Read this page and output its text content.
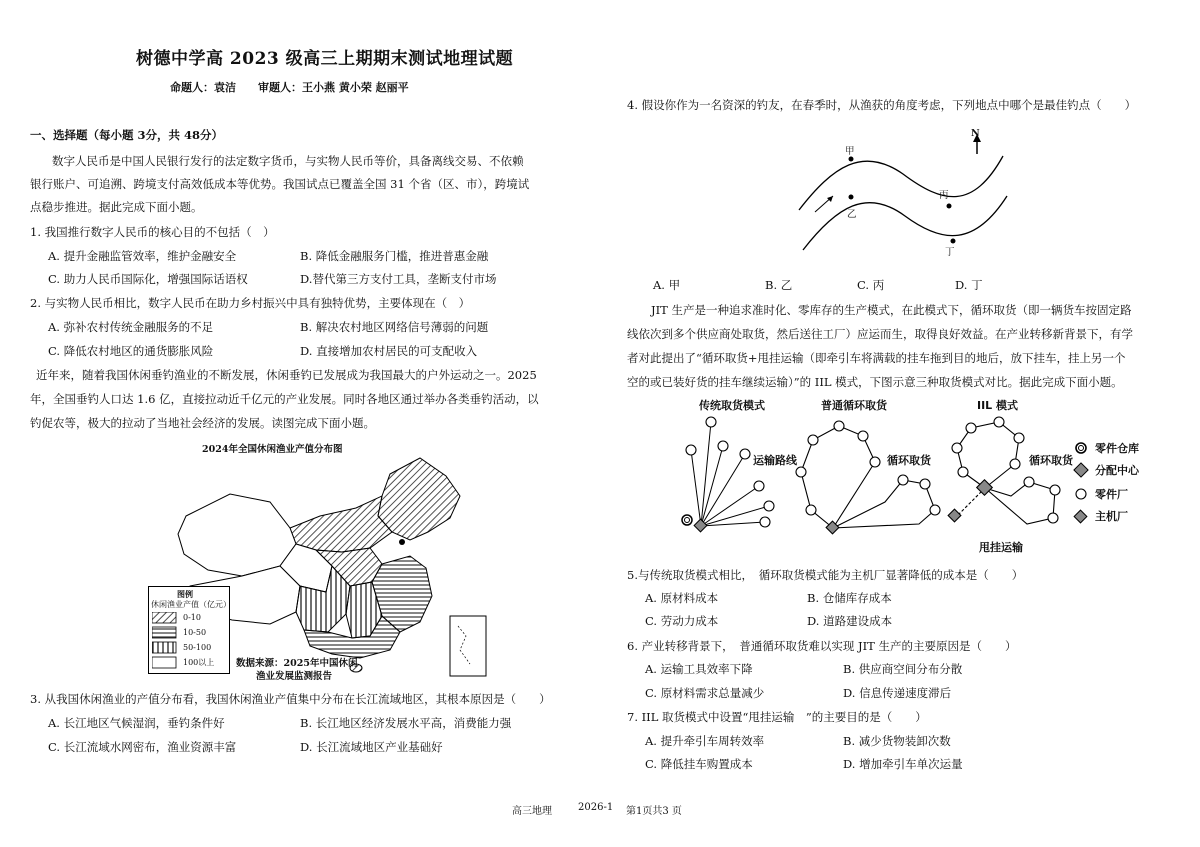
树德中学高 2023 级高三上期期末测试地理试题
命题人：袁洁　　审题人：王小燕 黄小荣 赵丽平
一、选择题（每小题 3分，共 48分）
数字人民币是中国人民银行发行的法定数字货币，与实物人民币等价，具备离线交易、不依赖
银行账户、可追溯、跨境支付高效低成本等优势。我国试点已覆盖全国 31 个省（区、市），跨境试
点稳步推进。据此完成下面小题。
1. 我国推行数字人民币的核心目的不包括（　）
A. 提升金融监管效率，维护金融安全	B. 降低金融服务门槛，推进普惠金融
C. 助力人民币国际化，增强国际话语权	D.替代第三方支付工具，垄断支付市场
2. 与实物人民币相比，数字人民币在助力乡村振兴中具有独特优势，主要体现在（　）
A. 弥补农村传统金融服务的不足	B. 解决农村地区网络信号薄弱的问题
C. 降低农村地区的通货膨胀风险	D. 直接增加农村居民的可支配收入
近年来，随着我国休闲垂钓渔业的不断发展，休闲垂钓已发展成为我国最大的户外运动之一。2025
年，全国垂钓人口达 1.6 亿，直接拉动近千亿元的产业发展。同时各地区通过举办各类垂钓活动，以
钓促农等，极大的拉动了当地社会经济的发展。读图完成下面小题。
2024年全国休闲渔业产值分布图
图例
休闲渔业产值（亿元）
0-10
10-50
50-100
100以上 数据来源：2025年中国休闲
渔业发展监测报告
3. 从我国休闲渔业的产值分布看，我国休闲渔业产值集中分布在长江流域地区，其根本原因是（　　）
A. 长江地区气候湿润，垂钓条件好	B. 长江地区经济发展水平高，消费能力强
C. 长江流域水网密布，渔业资源丰富	D. 长江流域地区产业基础好
4. 假设你作为一名资深的钓友，在春季时，从渔获的角度考虑，下列地点中哪个是最佳钓点（　　）
甲
乙
丙
丁
N
A. 甲	B. 乙	C. 丙	D. 丁
JIT 生产是一种追求准时化、零库存的生产模式，在此模式下，循环取货（即一辆货车按固定路
线依次到多个供应商处取货，然后送往工厂）应运而生，取得良好效益。在产业转移新背景下，有学
者对此提出了“循环取货+甩挂运输（即牵引车将满载的挂车拖到目的地后，放下挂车，挂上另一个
空的或已装好货的挂车继续运输）”的 IIL 模式，下图示意三种取货模式对比。据此完成下面小题。
传统取货模式	普通循环取货	IIL 模式
运输路线	循环取货	循环取货
甩挂运输
零件仓库
分配中心
零件厂
主机厂
5.与传统取货模式相比，　循环取货模式能为主机厂显著降低的成本是（　　）
A. 原材料成本	B. 仓储库存成本
C. 劳动力成本	D. 道路建设成本
6. 产业转移背景下，　普通循环取货难以实现 JIT 生产的主要原因是（　　）
A. 运输工具效率下降	B. 供应商空间分布分散
C. 原材料需求总量减少	D. 信息传递速度滞后
7. IIL 取货模式中设置“甩挂运输　”的主要目的是（　　）
A. 提升牵引车周转效率	B. 减少货物装卸次数
C. 降低挂车购置成本	D. 增加牵引车单次运量
高三地理	2026-1 第1页共3 页
